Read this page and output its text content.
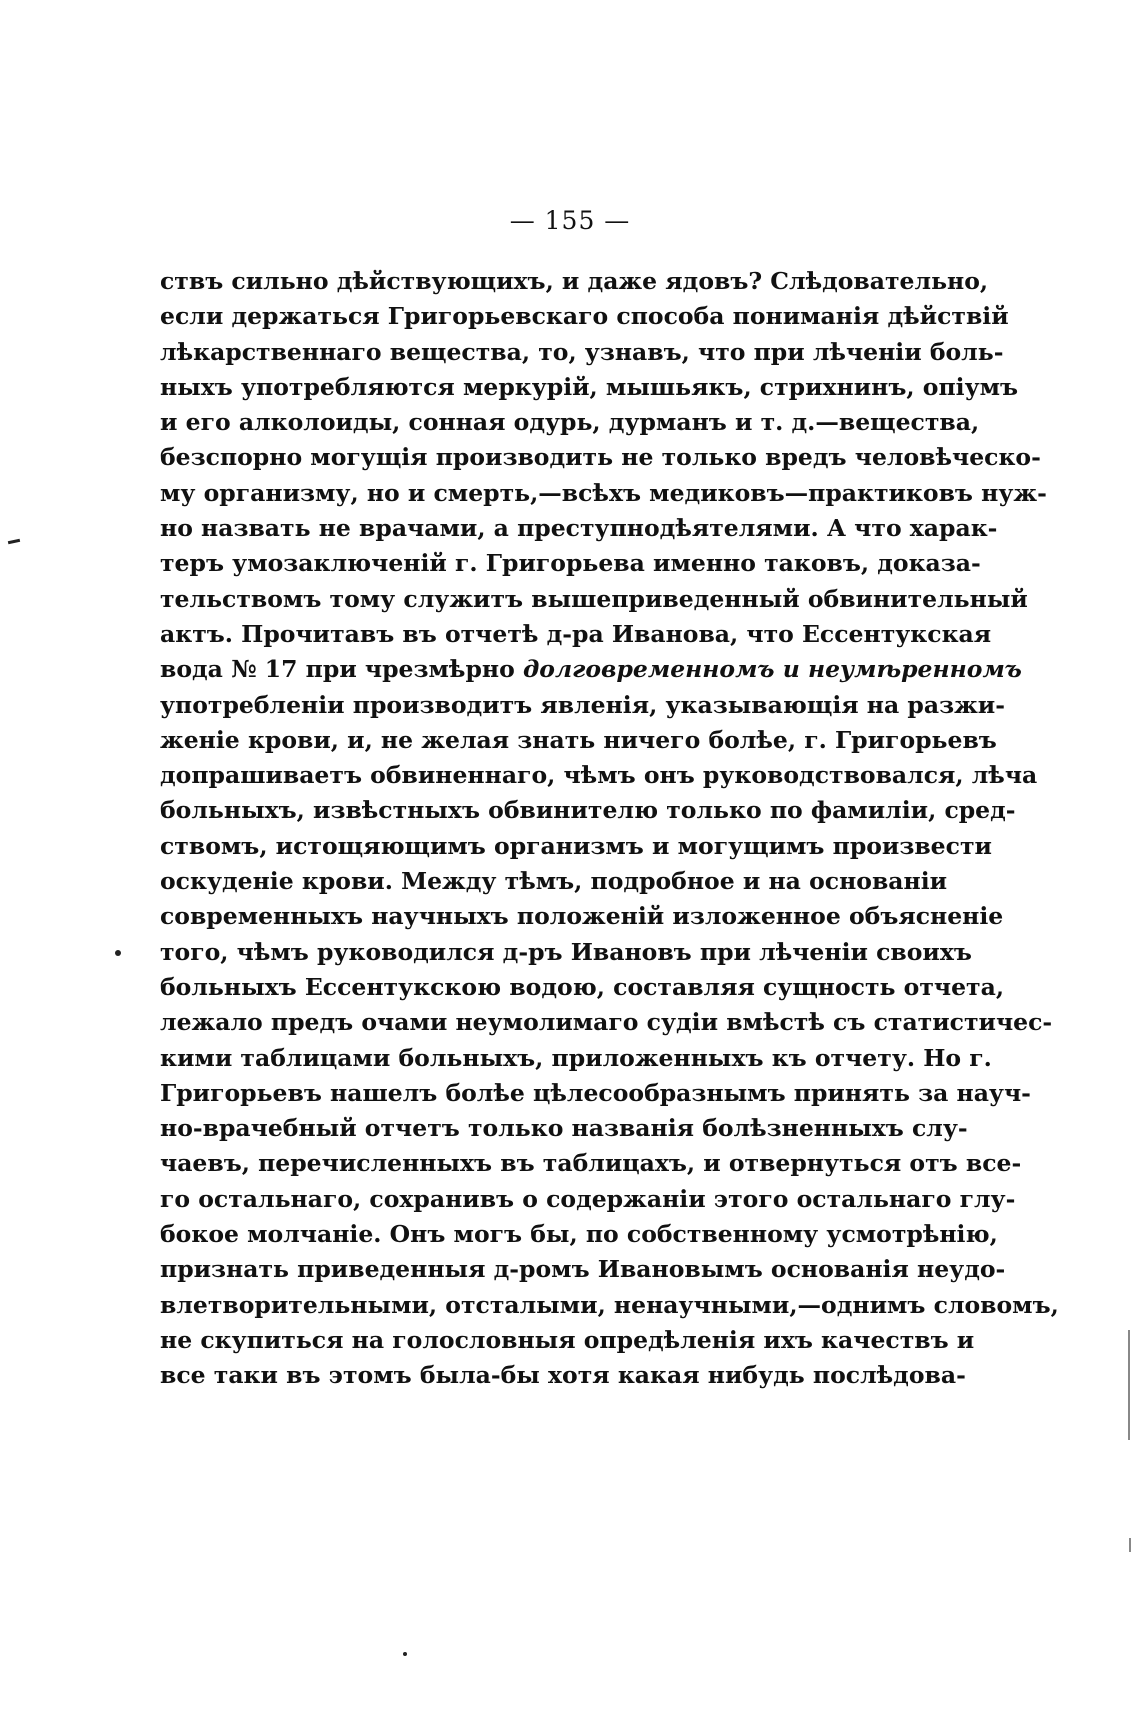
— 155 —
ствъ сильно дѣйствующихъ, и даже ядовъ? Слѣдовательно,
если держаться Григорьевскаго способа пониманія дѣйствій
лѣкарственнаго вещества, то, узнавъ, что при лѣченіи боль-
ныхъ употребляются меркурій, мышьякъ, стрихнинъ, опіумъ
и его алколоиды, сонная одурь, дурманъ и т. д.—вещества,
безспорно могущія производить не только вредъ человѣческо-
му организму, но и смерть,—всѣхъ медиковъ—практиковъ нуж-
но назвать не врачами, а преступнодѣятелями. А что харак-
теръ умозаключеній г. Григорьева именно таковъ, доказа-
тельствомъ тому служитъ вышеприведенный обвинительный
актъ. Прочитавъ въ отчетѣ д-ра Иванова, что Ессентукская
вода № 17 при чрезмѣрно долговременномъ и неумѣренномъ
употребленіи производитъ явленія, указывающія на разжи-
женіе крови, и, не желая знать ничего болѣе, г. Григорьевъ
допрашиваетъ обвиненнаго, чѣмъ онъ руководствовался, лѣча
больныхъ, извѣстныхъ обвинителю только по фамиліи, сред-
ствомъ, истощяющимъ организмъ и могущимъ произвести
оскуденіе крови. Между тѣмъ, подробное и на основаніи
современныхъ научныхъ положеній изложенное объясненіе
того, чѣмъ руководился д-ръ Ивановъ при лѣченіи своихъ
больныхъ Ессентукскою водою, составляя сущность отчета,
лежало предъ очами неумолимаго судіи вмѣстѣ съ статистичес-
кими таблицами больныхъ, приложенныхъ къ отчету. Но г.
Григорьевъ нашелъ болѣе цѣлесообразнымъ принять за науч-
но-врачебный отчетъ только названія болѣзненныхъ слу-
чаевъ, перечисленныхъ въ таблицахъ, и отвернуться отъ все-
го остальнаго, сохранивъ о содержаніи этого остальнаго глу-
бокое молчаніе. Онъ могъ бы, по собственному усмотрѣнію,
признать приведенныя д-ромъ Ивановымъ основанія неудо-
влетворительными, отсталыми, ненаучными,—однимъ словомъ,
не скупиться на голословныя опредѣленія ихъ качествъ и
все таки въ этомъ была-бы хотя какая нибудь послѣдова-
